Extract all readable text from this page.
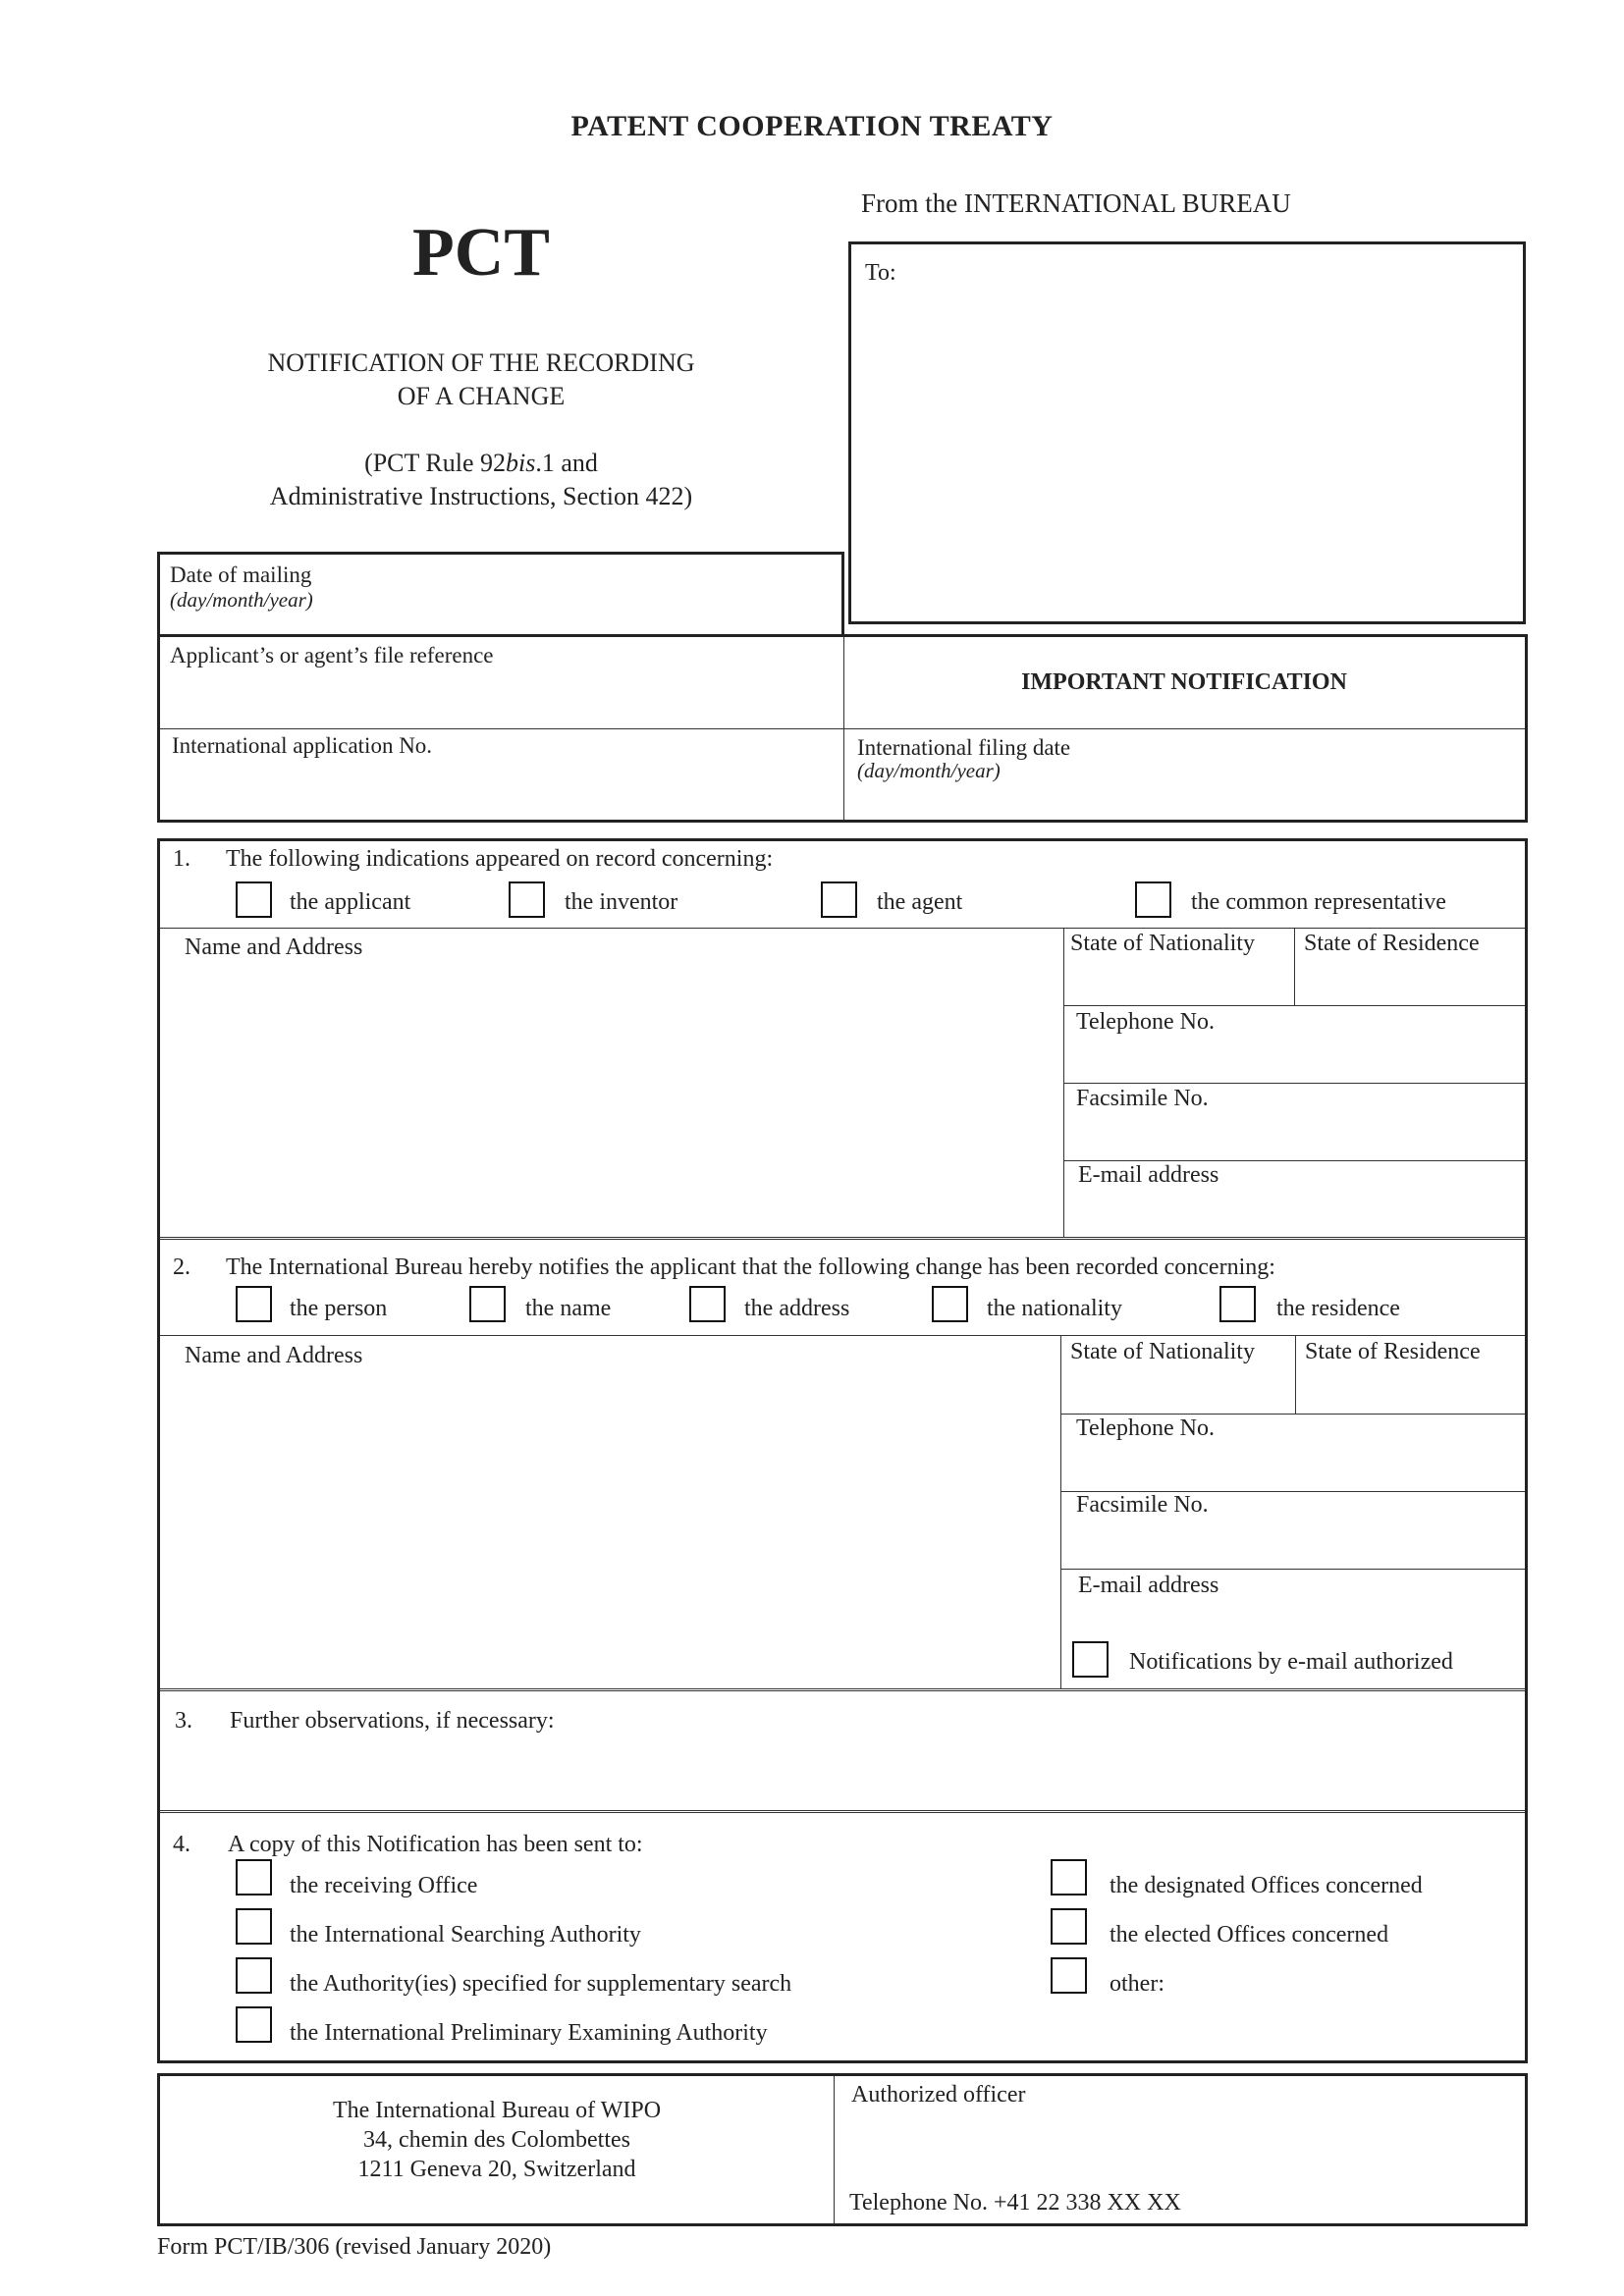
PATENT COOPERATION TREATY
PCT
From the INTERNATIONAL BUREAU
NOTIFICATION OF THE RECORDING
OF A CHANGE
(PCT Rule 92bis.1 and
Administrative Instructions, Section 422)
To:
Date of mailing
(day/month/year)
Applicant’s or agent’s file reference
IMPORTANT NOTIFICATION
International application No.	International filing date
(day/month/year)
1. The following indications appeared on record concerning:
the applicant	the inventor	the agent	the common representative
Name and Address	State of Nationality State of Residence
Telephone No.
Facsimile No.
E-mail address
2. The International Bureau hereby notifies the applicant that the following change has been recorded concerning:
the person	the name	the address	the nationality	the residence
Name and Address	State of Nationality State of Residence
Telephone No.
Facsimile No.
E-mail address
Notifications by e-mail authorized
3. Further observations, if necessary:
4. A copy of this Notification has been sent to:
the receiving Office
the International Searching Authority
the Authority(ies) specified for supplementary search
the International Preliminary Examining Authority
the designated Offices concerned
the elected Offices concerned
other:
The International Bureau of WIPO
34, chemin des Colombettes
1211 Geneva 20, Switzerland
Authorized officer
Telephone No. +41 22 338 XX XX
Form PCT/IB/306 (revised January 2020)
